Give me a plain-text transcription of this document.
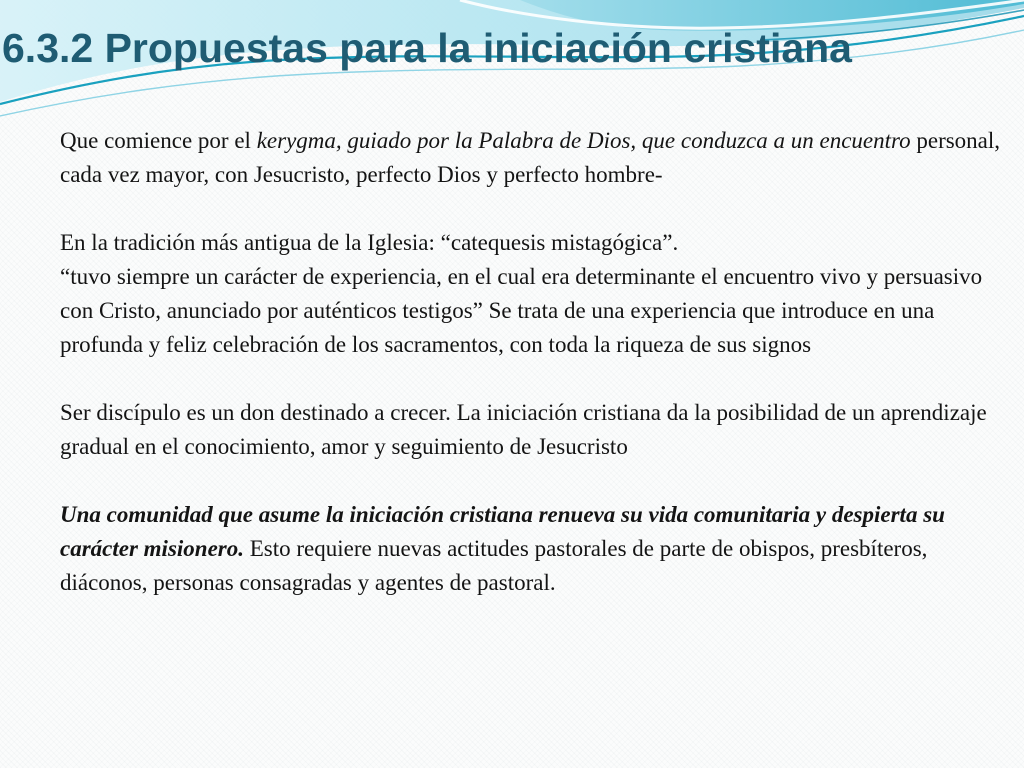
6.3.2 Propuestas para la iniciación cristiana

Que comience por el kerygma, guiado por la Palabra de Dios, que conduzca a un encuentro personal, cada vez mayor, con Jesucristo, perfecto Dios y perfecto hombre-

En la tradición más antigua de la Iglesia: “catequesis mistagógica”.

“tuvo siempre un carácter de experiencia, en el cual era determinante el encuentro vivo y persuasivo con Cristo, anunciado por auténticos testigos” Se trata de una experiencia que introduce en una profunda y feliz celebración de los sacramentos, con toda la riqueza de sus signos

Ser discípulo es un don destinado a crecer. La iniciación cristiana da la posibilidad de un aprendizaje gradual en el conocimiento, amor y seguimiento de Jesucristo

Una comunidad que asume la iniciación cristiana renueva su vida comunitaria y despierta su carácter misionero. Esto requiere nuevas actitudes pastorales de parte de obispos, presbíteros, diáconos, personas consagradas y agentes de pastoral.
